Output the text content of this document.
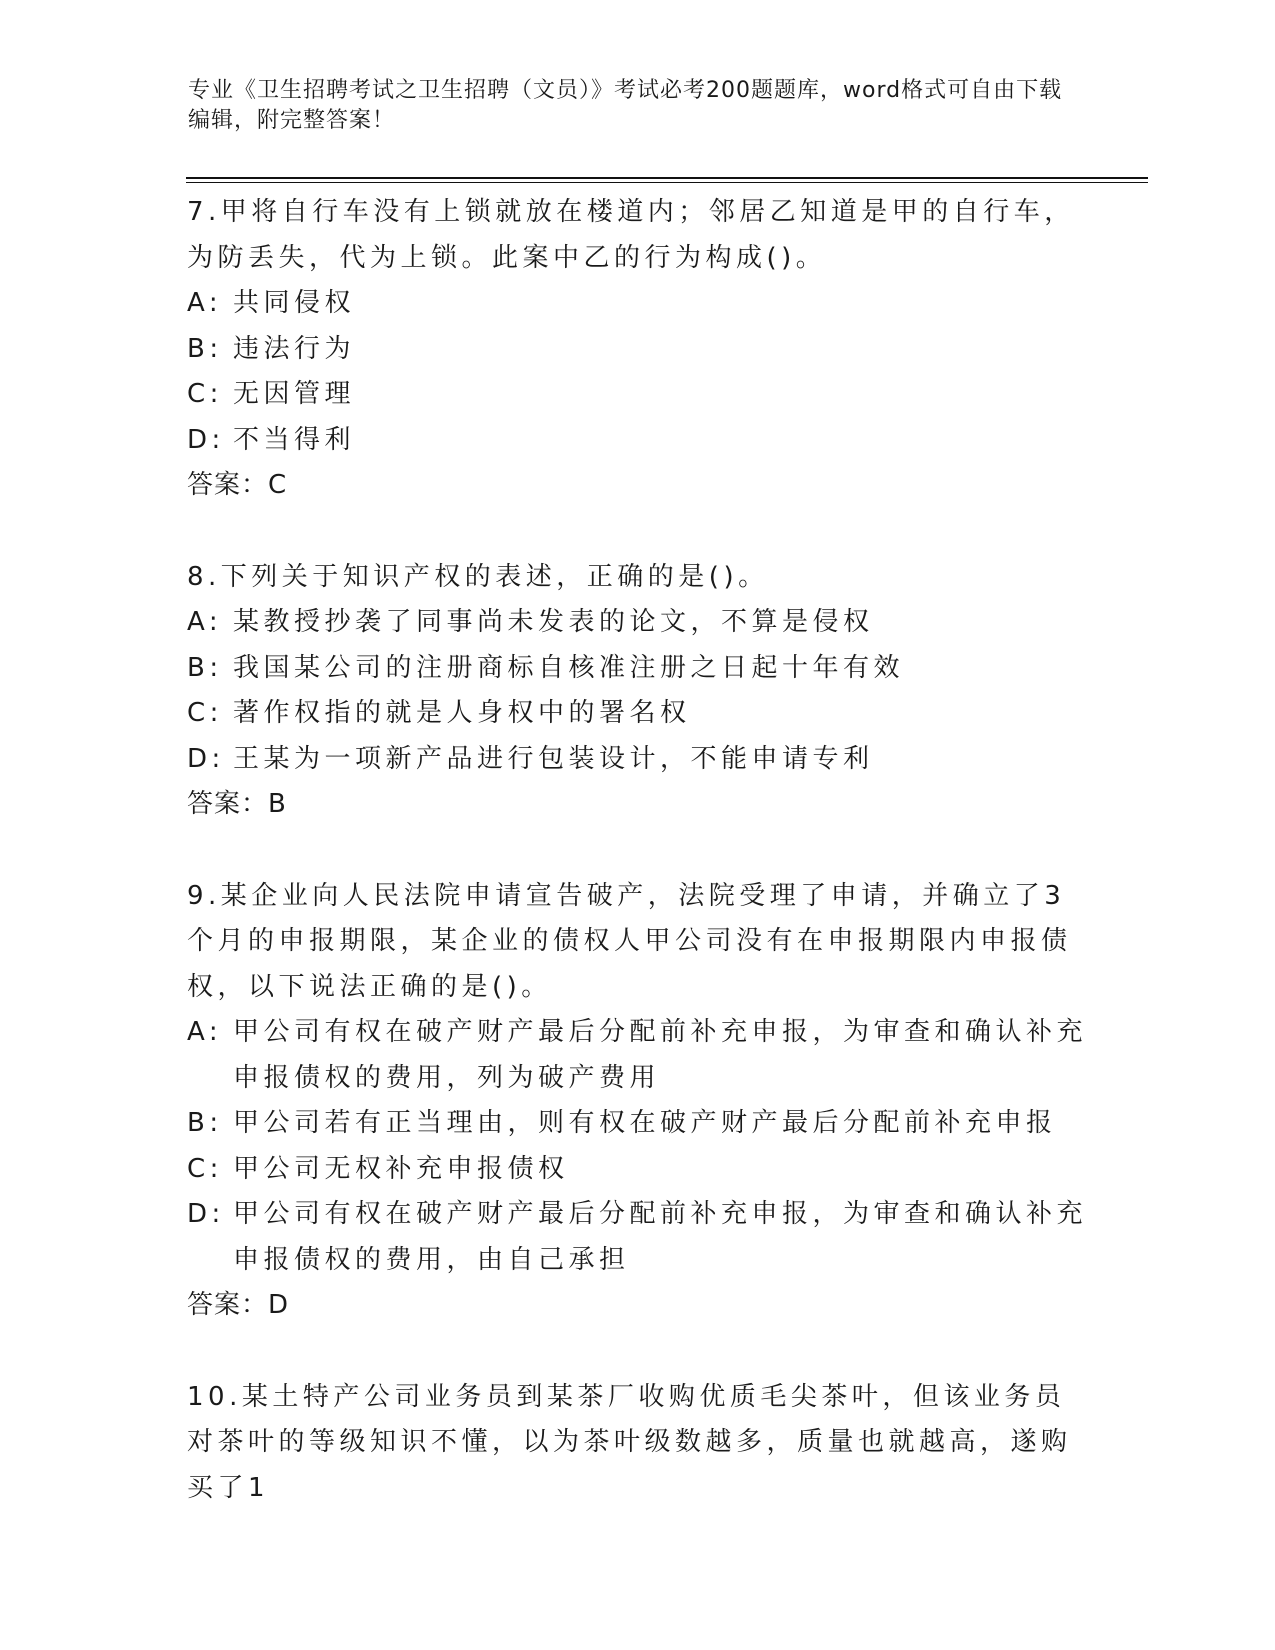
专业《卫生招聘考试之卫生招聘（文员）》考试必考200题题库，word格式可自由下载编辑，附完整答案！

7.甲将自行车没有上锁就放在楼道内；邻居乙知道是甲的自行车，为防丢失，代为上锁。此案中乙的行为构成()。

A: 共同侵权
B: 违法行为
C: 无因管理
D: 不当得利

答案：C

8.下列关于知识产权的表述，正确的是()。

A: 某教授抄袭了同事尚未发表的论文，不算是侵权
B: 我国某公司的注册商标自核准注册之日起十年有效
C: 著作权指的就是人身权中的署名权
D: 王某为一项新产品进行包装设计，不能申请专利

答案：B

9.某企业向人民法院申请宣告破产，法院受理了申请，并确立了3个月的申报期限，某企业的债权人甲公司没有在申报期限内申报债权，以下说法正确的是()。

A: 甲公司有权在破产财产最后分配前补充申报，为审查和确认补充申报债权的费用，列为破产费用
B: 甲公司若有正当理由，则有权在破产财产最后分配前补充申报
C: 甲公司无权补充申报债权
D: 甲公司有权在破产财产最后分配前补充申报，为审查和确认补充申报债权的费用，由自己承担

答案：D

10.某土特产公司业务员到某茶厂收购优质毛尖茶叶，但该业务员对茶叶的等级知识不懂，以为茶叶级数越多，质量也就越高，遂购买了1
